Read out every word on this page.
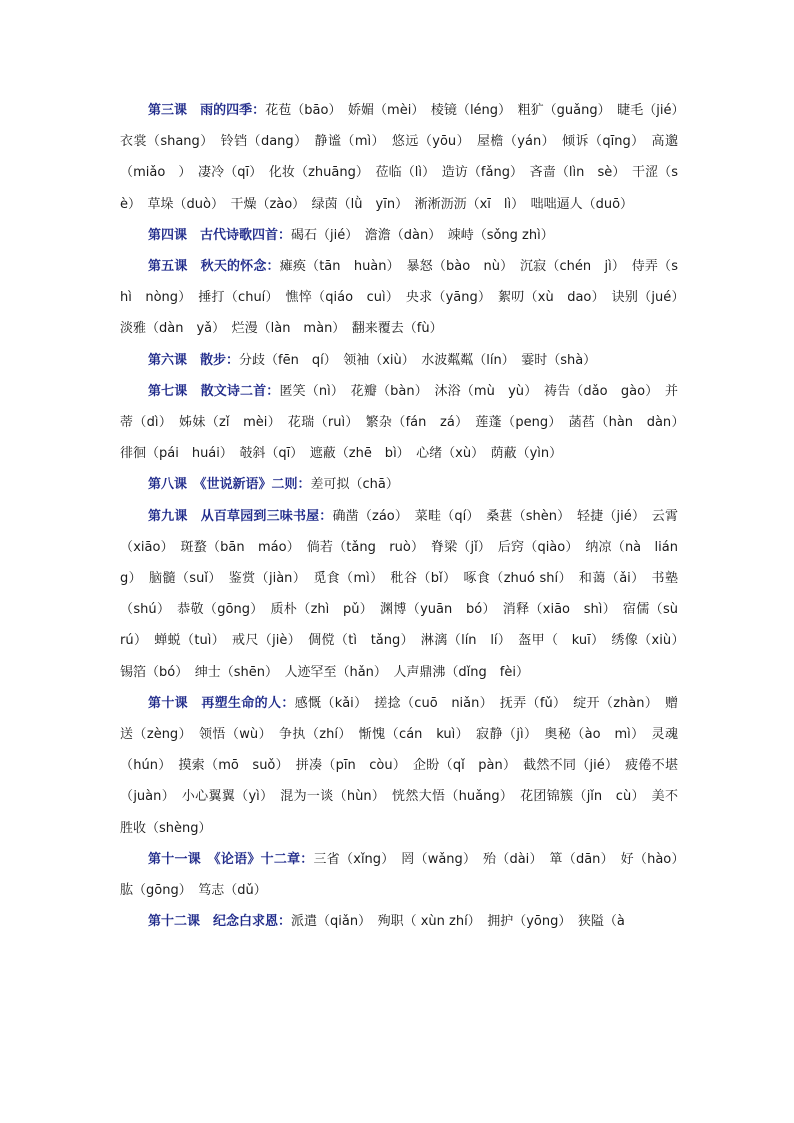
第三课　雨的四季：花苞（bāo）　娇媚（mèi）　棱镜（léng）　粗犷（guǎng）　睫毛（jié）　衣裳（shang）　铃铛（dang）　静谧（mì）　悠远（yōu）　屋檐（yán）　倾诉（qīng）　高邈（miǎo　）　凄冷（qī）　化妆（zhuāng）　莅临（lì）　造访（fǎng）　吝啬（lìn　sè）　干涩（sè）　草垛（duò）　干燥（zào）　绿茵（lǜ　yīn）　淅淅沥沥（xī　lì）　咄咄逼人（duō）

第四课　古代诗歌四首：碣石（jié）　澹澹（dàn）　竦峙（sǒng zhì）

第五课　秋天的怀念：瘫痪（tān　huàn）　暴怒（bào　nù）　沉寂（chén　jì）　侍弄（shì　nòng）　捶打（chuí）　憔悴（qiáo　cuì）　央求（yāng）　絮叨（xù　dao）　诀别（jué）　淡雅（dàn　yǎ）　烂漫（làn　màn）　翻来覆去（fù）

第六课　散步：分歧（fēn　qí）　领袖（xiù）　水波粼粼（lín）　霎时（shà）

第七课　散文诗二首：匿笑（nì）　花瓣（bàn）　沐浴（mù　yù）　祷告（dǎo　gào）　并蒂（dì）　姊妹（zǐ　mèi）　花瑞（ruì）　繁杂（fán　zá）　莲蓬（peng）　菡萏（hàn　dàn）　徘徊（pái　huái）　攲斜（qī）　遮蔽（zhē　bì）　心绪（xù）　荫蔽（yìn）

第八课　《世说新语》二则：差可拟（chā）

第九课　从百草园到三味书屋：确凿（záo）　菜畦（qí）　桑葚（shèn）　轻捷（jié）　云霄（xiāo）　斑蝥（bān　máo）　倘若（tǎng　ruò）　脊梁（jǐ）　后窍（qiào）　纳凉（nà　liáng）　脑髓（suǐ）　鉴赏（jiàn）　觅食（mì）　秕谷（bǐ）　啄食（zhuó shí）　和蔼（ǎi）　书塾（shú）　恭敬（gōng）　质朴（zhì　pǔ）　渊博（yuān　bó）　消释（xiāo　shì）　宿儒（sù　rú）　蝉蜕（tuì）　戒尺（jiè）　倜傥（tì　tǎng）　淋漓（lín　lí）　盔甲（　kuī）　绣像（xiù）　锡箔（bó）　绅士（shēn）　人迹罕至（hǎn）　人声鼎沸（dǐng　fèi）

第十课　再塑生命的人：感慨（kǎi）　搓捻（cuō　niǎn）　抚弄（fǔ）　绽开（zhàn）　赠送（zèng）　领悟（wù）　争执（zhí）　惭愧（cán　kuì）　寂静（jì）　奥秘（ào　mì）　灵魂（hún）　摸索（mō　suǒ）　拼凑（pīn　còu）　企盼（qǐ　pàn）　截然不同（jié）　疲倦不堪（juàn）　小心翼翼（yì）　混为一谈（hùn）　恍然大悟（huǎng）　花团锦簇（jǐn　cù）　美不胜收（shèng）

第十一课　《论语》十二章：三省（xǐng）　罔（wǎng）　殆（dài）　箪（dān）　好（hào）　肱（gōng）　笃志（dǔ）

第十二课　纪念白求恩：派遣（qiǎn）　殉职（ xùn zhí）　拥护（yōng）　狭隘（à
